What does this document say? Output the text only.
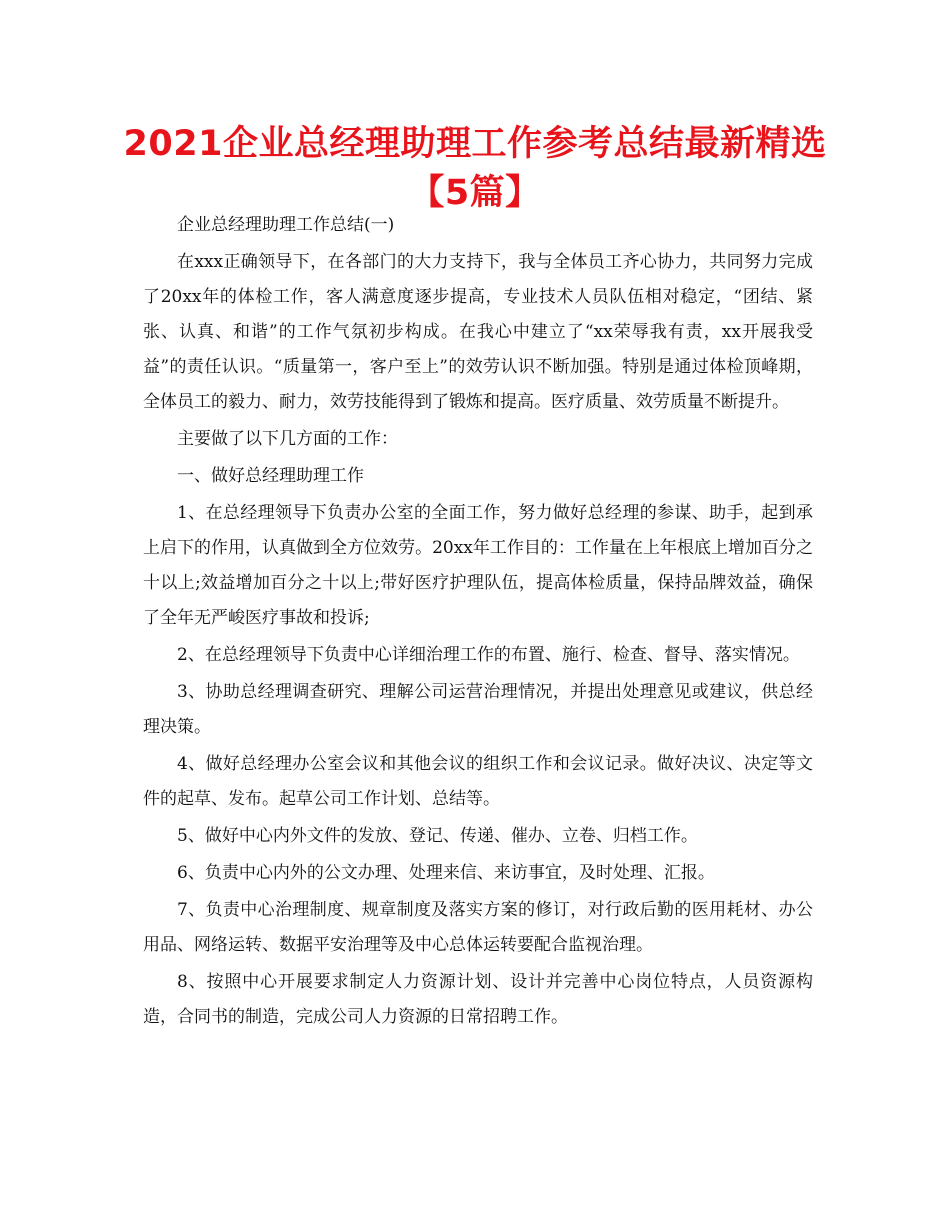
2021企业总经理助理工作参考总结最新精选【5篇】

企业总经理助理工作总结(一)

在xxx正确领导下，在各部门的大力支持下，我与全体员工齐心协力，共同努力完成了20xx年的体检工作，客人满意度逐步提高，专业技术人员队伍相对稳定，“团结、紧张、认真、和谐”的工作气氛初步构成。在我心中建立了“xx荣辱我有责，xx开展我受益”的责任认识。“质量第一，客户至上”的效劳认识不断加强。特别是通过体检顶峰期，全体员工的毅力、耐力，效劳技能得到了锻炼和提高。医疗质量、效劳质量不断提升。

主要做了以下几方面的工作：

一、做好总经理助理工作

1、在总经理领导下负责办公室的全面工作，努力做好总经理的参谋、助手，起到承上启下的作用，认真做到全方位效劳。20xx年工作目的：工作量在上年根底上增加百分之十以上;效益增加百分之十以上;带好医疗护理队伍，提高体检质量，保持品牌效益，确保了全年无严峻医疗事故和投诉;

2、在总经理领导下负责中心详细治理工作的布置、施行、检查、督导、落实情况。

3、协助总经理调查研究、理解公司运营治理情况，并提出处理意见或建议，供总经理决策。

4、做好总经理办公室会议和其他会议的组织工作和会议记录。做好决议、决定等文件的起草、发布。起草公司工作计划、总结等。

5、做好中心内外文件的发放、登记、传递、催办、立卷、归档工作。

6、负责中心内外的公文办理、处理来信、来访事宜，及时处理、汇报。

7、负责中心治理制度、规章制度及落实方案的修订，对行政后勤的医用耗材、办公用品、网络运转、数据平安治理等及中心总体运转要配合监视治理。

8、按照中心开展要求制定人力资源计划、设计并完善中心岗位特点，人员资源构造，合同书的制造，完成公司人力资源的日常招聘工作。
